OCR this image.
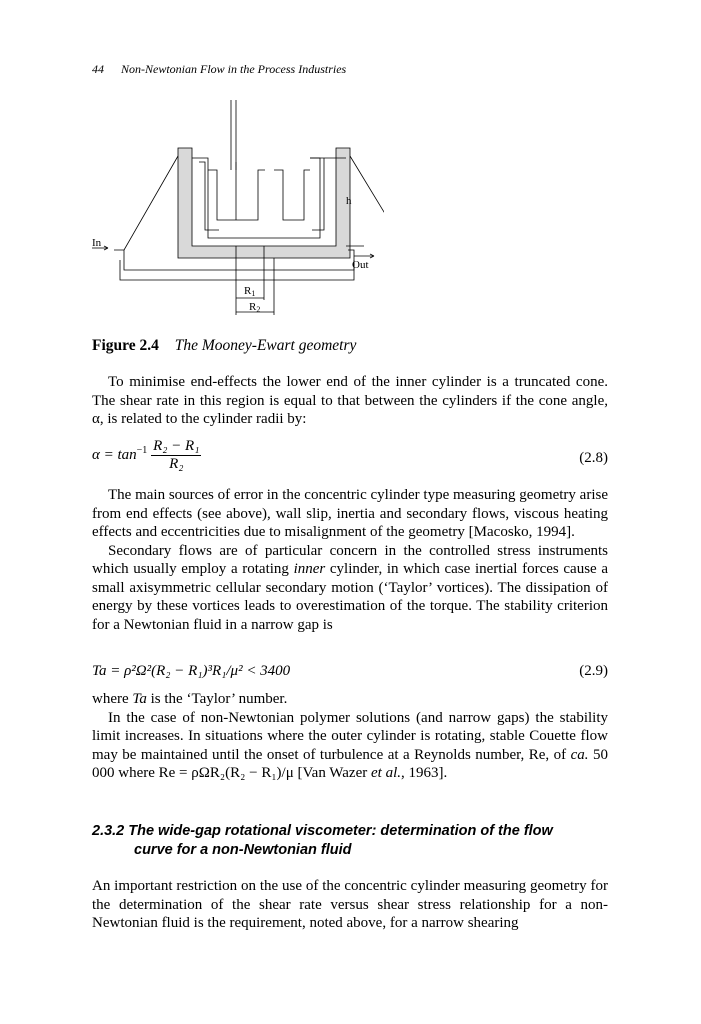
44 Non-Newtonian Flow in the Process Industries
In
Out
h
R1
R2
Figure 2.4 The Mooney-Ewart geometry

To minimise end-effects the lower end of the inner cylinder is a truncated cone. The shear rate in this region is equal to that between the cylinders if the cone angle, α, is related to the cylinder radii by:

$\alpha = \tan^{-1} \frac{\text{R₂ − R₁}}{\text{R₂}}$	(2.8)

The main sources of error in the concentric cylinder type measuring geometry arise from end effects (see above), wall slip, inertia and secondary flows, viscous heating effects and eccentricities due to misalignment of the geometry [Macosko, 1994].

Secondary flows are of particular concern in the controlled stress instruments which usually employ a rotating inner cylinder, in which case inertial forces cause a small axisymmetric cellular secondary motion (‘Taylor’ vortices). The dissipation of energy by these vortices leads to overestimation of the torque. The stability criterion for a Newtonian fluid in a narrow gap is

Ta = ρ²Ω²(R₂ − R₁)³R₁/μ² < 3400	(2.9)

where Ta is the ‘Taylor’ number.

In the case of non-Newtonian polymer solutions (and narrow gaps) the stability limit increases. In situations where the outer cylinder is rotating, stable Couette flow may be maintained until the onset of turbulence at a Reynolds number, Re, of ca. 50 000 where Re = ρΩR₂(R₂ − R₁)/μ [Van Wazer et al., 1963].

2.3.2 The wide-gap rotational viscometer: determination of the flow
curve for a non-Newtonian fluid

An important restriction on the use of the concentric cylinder measuring geometry for the determination of the shear rate versus shear stress relationship for a non-Newtonian fluid is the requirement, noted above, for a narrow shearing
